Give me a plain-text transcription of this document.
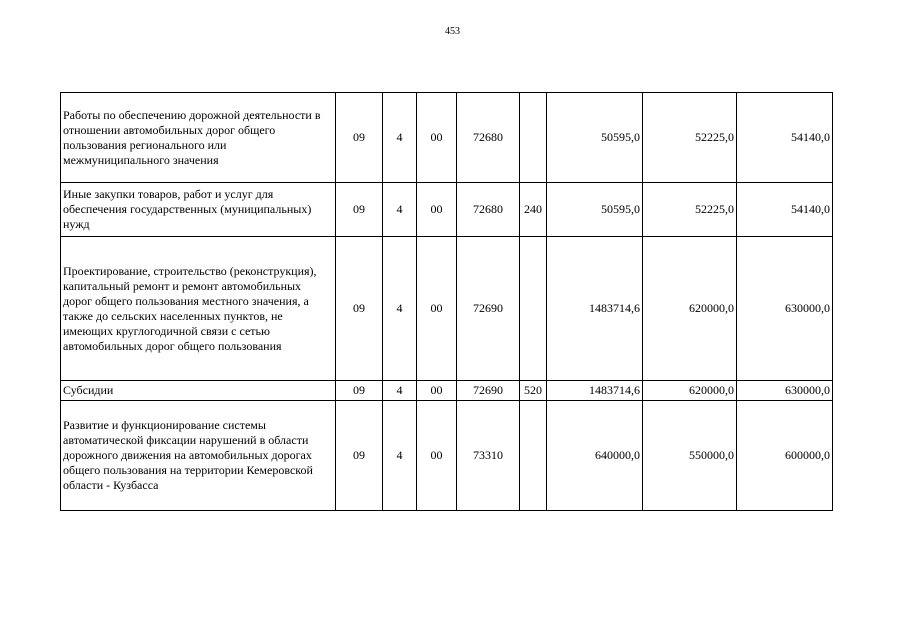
453
Работы по обеспечению дорожной деятельности в отношении автомобильных дорог общего пользования регионального или межмуниципального значения	09	4	00	72680		50595,0	52225,0	54140,0
Иные закупки товаров, работ и услуг для обеспечения государственных (муниципальных) нужд	09	4	00	72680	240	50595,0	52225,0	54140,0
Проектирование, строительство (реконструкция), капитальный ремонт и ремонт автомобильных дорог общего пользования местного значения, а также до сельских населенных пунктов, не имеющих круглогодичной связи с сетью автомобильных дорог общего пользования	09	4	00	72690		1483714,6	620000,0	630000,0
Субсидии	09	4	00	72690	520	1483714,6	620000,0	630000,0
Развитие и функционирование системы автоматической фиксации нарушений в области дорожного движения на автомобильных дорогах общего пользования на территории Кемеровской области - Кузбасса	09	4	00	73310		640000,0	550000,0	600000,0
